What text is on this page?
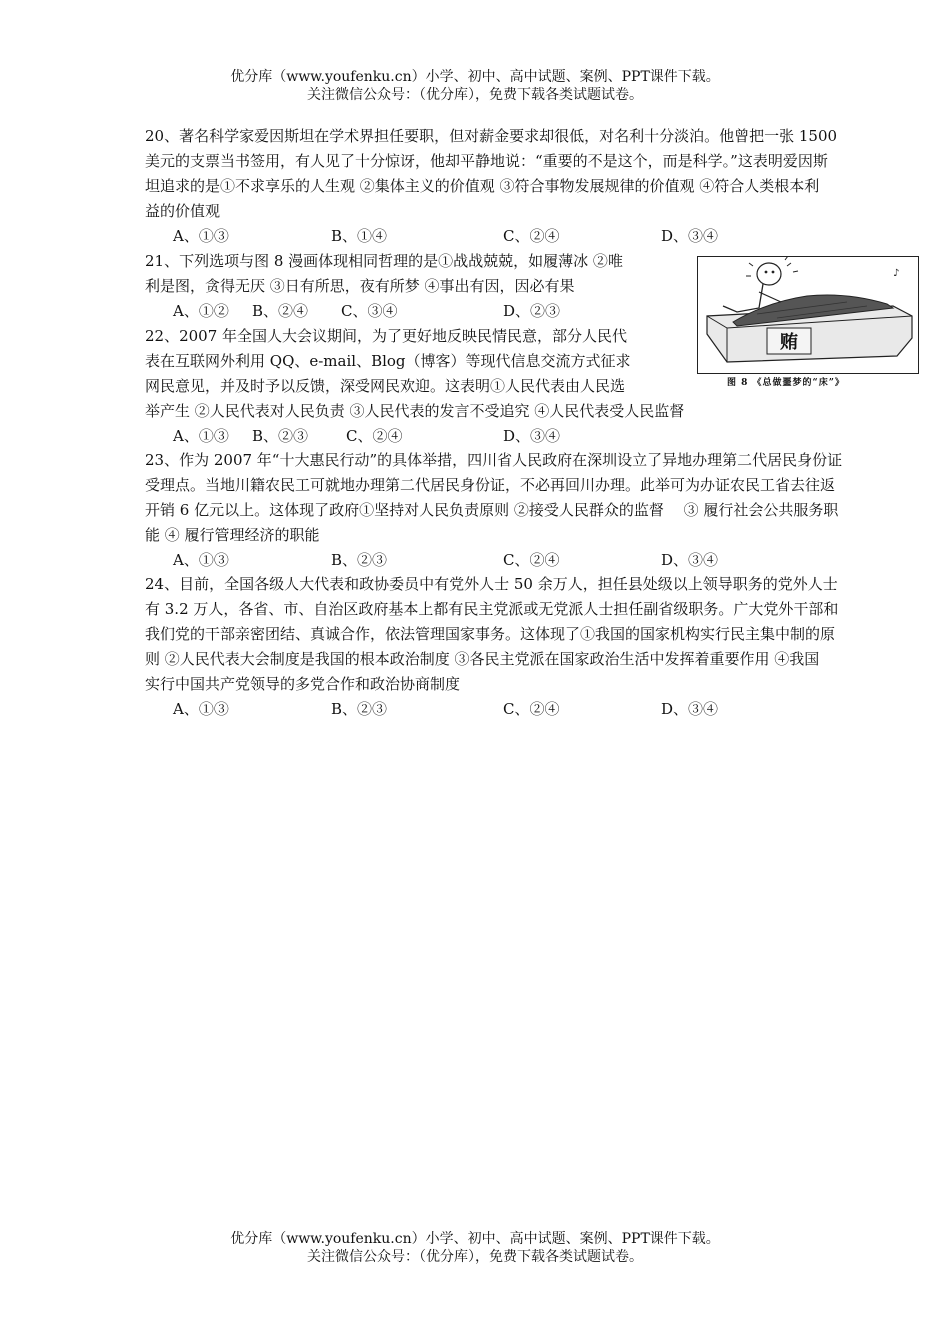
优分库（www.youfenku.cn）小学、初中、高中试题、案例、PPT课件下载。
关注微信公众号：（优分库），免费下载各类试题试卷。
20、著名科学家爱因斯坦在学术界担任要职，但对薪金要求却很低，对名利十分淡泊。他曾把一张 1500
美元的支票当书签用，有人见了十分惊讶，他却平静地说：“重要的不是这个，而是科学。”这表明爱因斯
坦追求的是①不求享乐的人生观 ②集体主义的价值观 ③符合事物发展规律的价值观 ④符合人类根本利
益的价值观
A、①③	B、①④	C、②④	D、③④
21、下列选项与图 8 漫画体现相同哲理的是①战战兢兢，如履薄冰 ②唯
利是图，贪得无厌 ③日有所思，夜有所梦 ④事出有因，因必有果
A、①② B、②④ C、③④	D、②③
22、2007 年全国人大会议期间，为了更好地反映民情民意，部分人民代
表在互联网外利用 QQ、e-mail、Blog（博客）等现代信息交流方式征求
网民意见，并及时予以反馈，深受网民欢迎。这表明①人民代表由人民选
举产生 ②人民代表对人民负责 ③人民代表的发言不受追究 ④人民代表受人民监督
A、①③ B、②③	C、②④	D、③④
23、作为 2007 年“十大惠民行动”的具体举措，四川省人民政府在深圳设立了异地办理第二代居民身份证
受理点。当地川籍农民工可就地办理第二代居民身份证，不必再回川办理。此举可为办证农民工省去往返
开销 6 亿元以上。这体现了政府①坚持对人民负责原则 ②接受人民群众的监督　 ③ 履行社会公共服务职
能 ④ 履行管理经济的职能
A、①③	B、②③	C、②④	D、③④
24、目前，全国各级人大代表和政协委员中有党外人士 50 余万人，担任县处级以上领导职务的党外人士
有 3.2 万人，各省、市、自治区政府基本上都有民主党派或无党派人士担任副省级职务。广大党外干部和
我们党的干部亲密团结、真诚合作，依法管理国家事务。这体现了①我国的国家机构实行民主集中制的原
则 ②人民代表大会制度是我国的根本政治制度 ③各民主党派在国家政治生活中发挥着重要作用 ④我国
实行中国共产党领导的多党合作和政治协商制度
A、①③	B、②③	C、②④	D、③④
贿
♪
图 8 《总做噩梦的“床”》
优分库（www.youfenku.cn）小学、初中、高中试题、案例、PPT课件下载。
关注微信公众号：（优分库），免费下载各类试题试卷。
